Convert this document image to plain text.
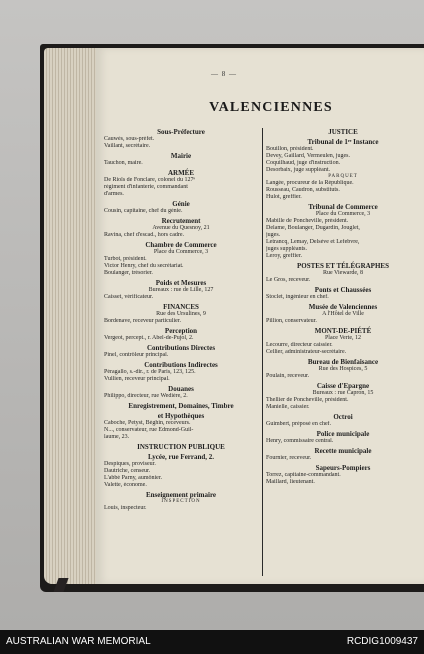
— 8 —
VALENCIENNES
Sous-Préfecture
Cauwès, sous-préfet.
Vaillant, secrétaire.
Mairie
Tauchon, maire.
ARMÉE
De Riols de Fonclare, colonel du 127ᵉ
régiment d'infanterie, commandant
d'armes.
Génie
Cousin, capitaine, chef du génie.
Recrutement
Avenue du Quesnoy, 21
Ravina, chef d'escad., hors cadre.
Chambre de Commerce
Place du Commerce, 3
Turbot, président.
Victor Henry, chef du secrétariat.
Boulanger, trésorier.
Poids et Mesures
Bureaux : rue de Lille, 127
Caisset, vérificateur.
FINANCES
Rue des Ursulines, 9
Bordenave, receveur particulier.
Perception
Vergeot, percept., r. Abel-de-Pujol, 2.
Contributions Directes
Pinel, contrôleur principal.
Contributions Indirectes
Péragallo, s.-dir., r. de Paris, 123, 125.
Vullien, receveur principal.
Douanes
Philippo, directeur, rue Wedière, 2.
Enregistrement, Domaines, Timbre
et Hypothèques
Caboche, Petyst, Béghin, receveurs.
N..., conservateur, rue Edmond-Guil-
laume, 23.
INSTRUCTION PUBLIQUE
Lycée, rue Ferrand, 2.
Despiques, proviseur.
Dautriche, censeur.
L'abbé Parny, aumônier.
Valette, économe.
Enseignement primaire
INSPECTION
Louis, inspecteur.
JUSTICE
Tribunal de 1ʳᵉ Instance
Bouillon, président.
Devey, Gaillard, Vermeulen, juges.
Coquilhaud, juge d'instruction.
Desorbaix, juge suppléant.
PARQUET
Langée, procureur de la République.
Rousseau, Caudron, substituts.
Hulot, greffier.
Tribunal de Commerce
Place du Commerce, 3
Mabille de Poncheville, président.
Delame, Boulanger, Dugardin, Jouglet,
juges.
Letrancq, Lemay, Delsève et Lefebvre,
juges suppléants.
Leroy, greffier.
POSTES ET TÉLÉGRAPHES
Rue Viewarde, 8
Le Gros, receveur.
Ponts et Chaussées
Stoclet, ingénieur en chef.
Musée de Valenciennes
A l'Hôtel de Ville
Pillion, conservateur.
MONT-DE-PIÉTÉ
Place Verte, 12
Lecourre, directeur caissier.
Cellier, administrateur-secrétaire.
Bureau de Bienfaisance
Rue des Hospices, 5
Poulain, receveur.
Caisse d'Epargne
Bureaux : rue Capron, 15
Thellier de Poncheville, président.
Manielle, caissier.
Octroi
Guimbert, préposé en chef.
Police municipale
Henry, commissaire central.
Recette municipale
Fournier, receveur.
Sapeurs-Pompiers
Torrez, capitaine-commandant.
Maillard, lieutenant.
AUSTRALIAN WAR MEMORIAL	RCDIG1009437
